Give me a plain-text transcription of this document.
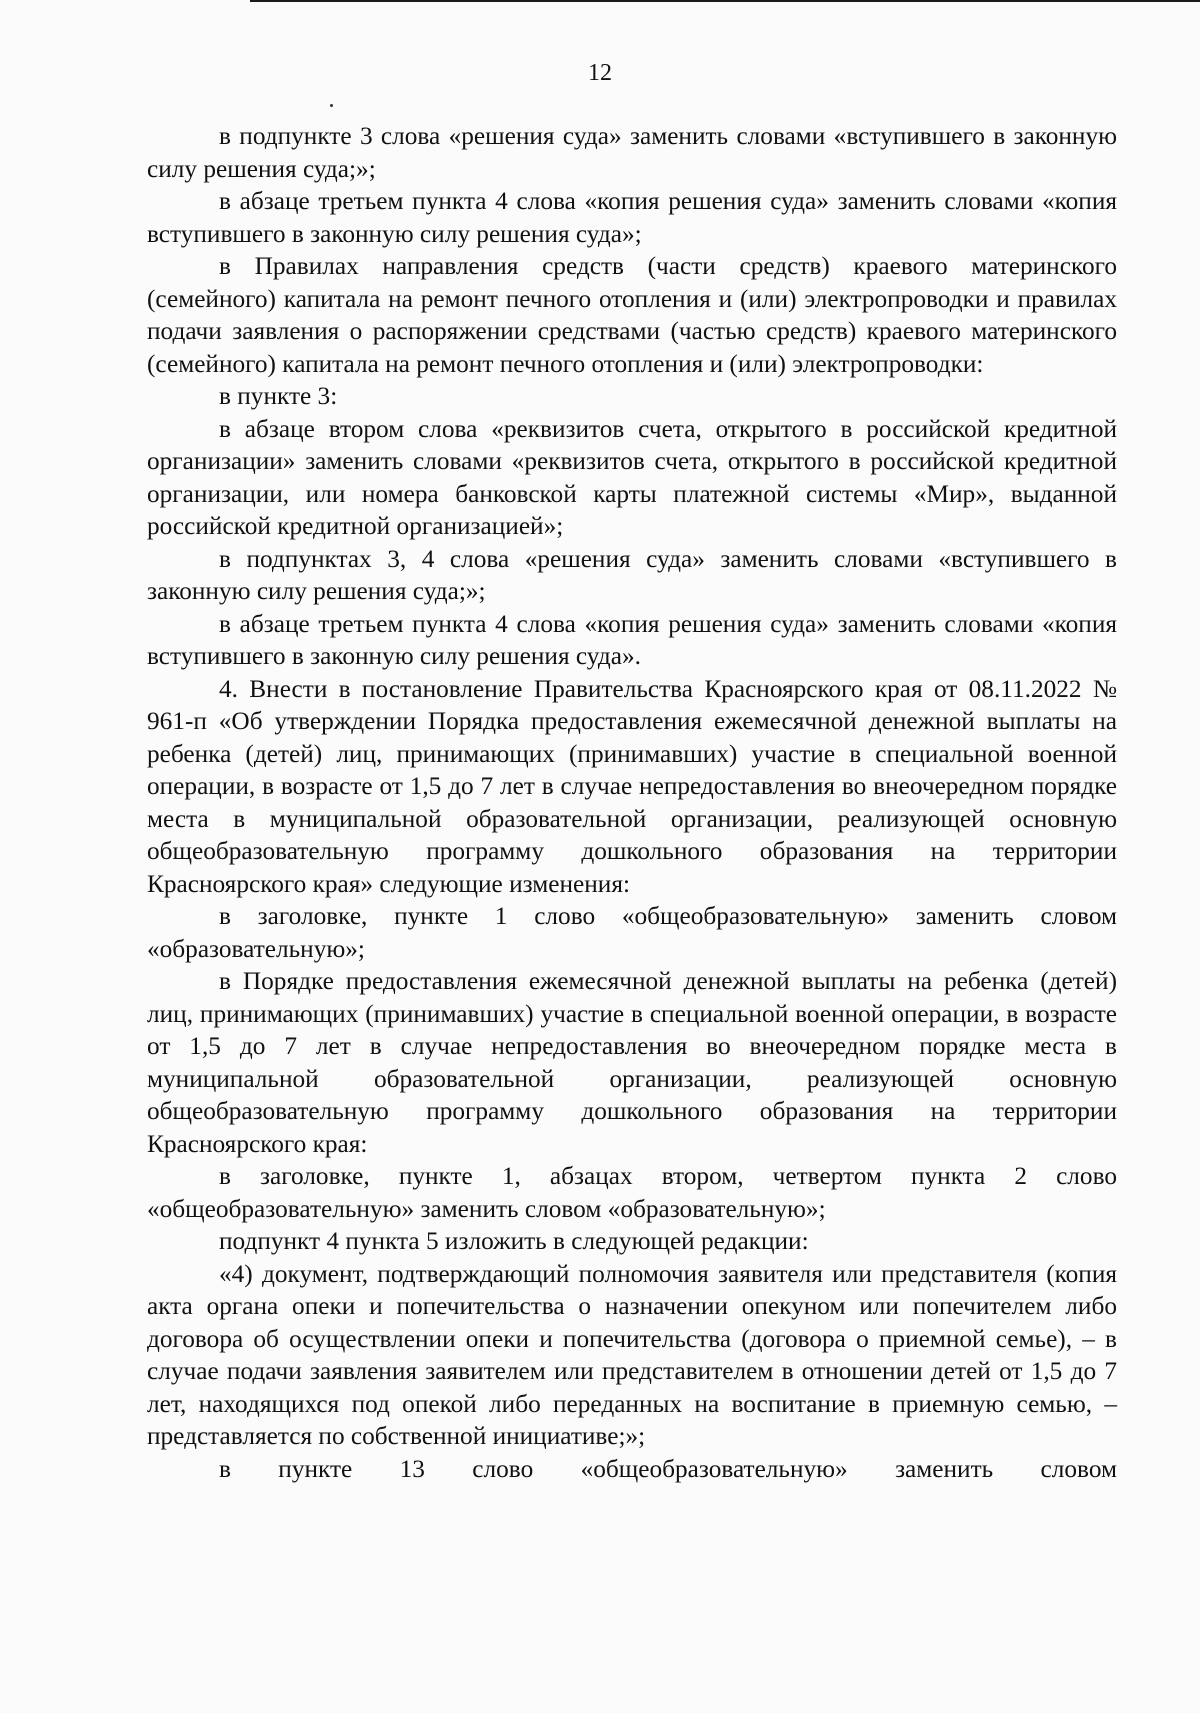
12

в подпункте 3 слова «решения суда» заменить словами «вступившего в законную силу решения суда;»;

в абзаце третьем пункта 4 слова «копия решения суда» заменить словами «копия вступившего в законную силу решения суда»;

в Правилах направления средств (части средств) краевого материнского (семейного) капитала на ремонт печного отопления и (или) электропроводки и правилах подачи заявления о распоряжении средствами (частью средств) краевого материнского (семейного) капитала на ремонт печного отопления и (или) электропроводки:

в пункте 3:

в абзаце втором слова «реквизитов счета, открытого в российской кредитной организации» заменить словами «реквизитов счета, открытого в российской кредитной организации, или номера банковской карты платежной системы «Мир», выданной российской кредитной организацией»;

в подпунктах 3, 4 слова «решения суда» заменить словами «вступившего в законную силу решения суда;»;

в абзаце третьем пункта 4 слова «копия решения суда» заменить словами «копия вступившего в законную силу решения суда».

4. Внести в постановление Правительства Красноярского края от 08.11.2022 № 961-п «Об утверждении Порядка предоставления ежемесячной денежной выплаты на ребенка (детей) лиц, принимающих (принимавших) участие в специальной военной операции, в возрасте от 1,5 до 7 лет в случае непредоставления во внеочередном порядке места в муниципальной образовательной организации, реализующей основную общеобразовательную программу дошкольного образования на территории Красноярского края» следующие изменения:

в заголовке, пункте 1 слово «общеобразовательную» заменить словом «образовательную»;

в Порядке предоставления ежемесячной денежной выплаты на ребенка (детей) лиц, принимающих (принимавших) участие в специальной военной операции, в возрасте от 1,5 до 7 лет в случае непредоставления во внеочередном порядке места в муниципальной образовательной организации, реализующей основную общеобразовательную программу дошкольного образования на территории Красноярского края:

в заголовке, пункте 1, абзацах втором, четвертом пункта 2 слово «общеобразовательную» заменить словом «образовательную»;

подпункт 4 пункта 5 изложить в следующей редакции:

«4) документ, подтверждающий полномочия заявителя или представителя (копия акта органа опеки и попечительства о назначении опекуном или попечителем либо договора об осуществлении опеки и попечительства (договора о приемной семье), – в случае подачи заявления заявителем или представителем в отношении детей от 1,5 до 7 лет, находящихся под опекой либо переданных на воспитание в приемную семью, – представляется по собственной инициативе;»;

в пункте 13 слово «общеобразовательную» заменить словом
